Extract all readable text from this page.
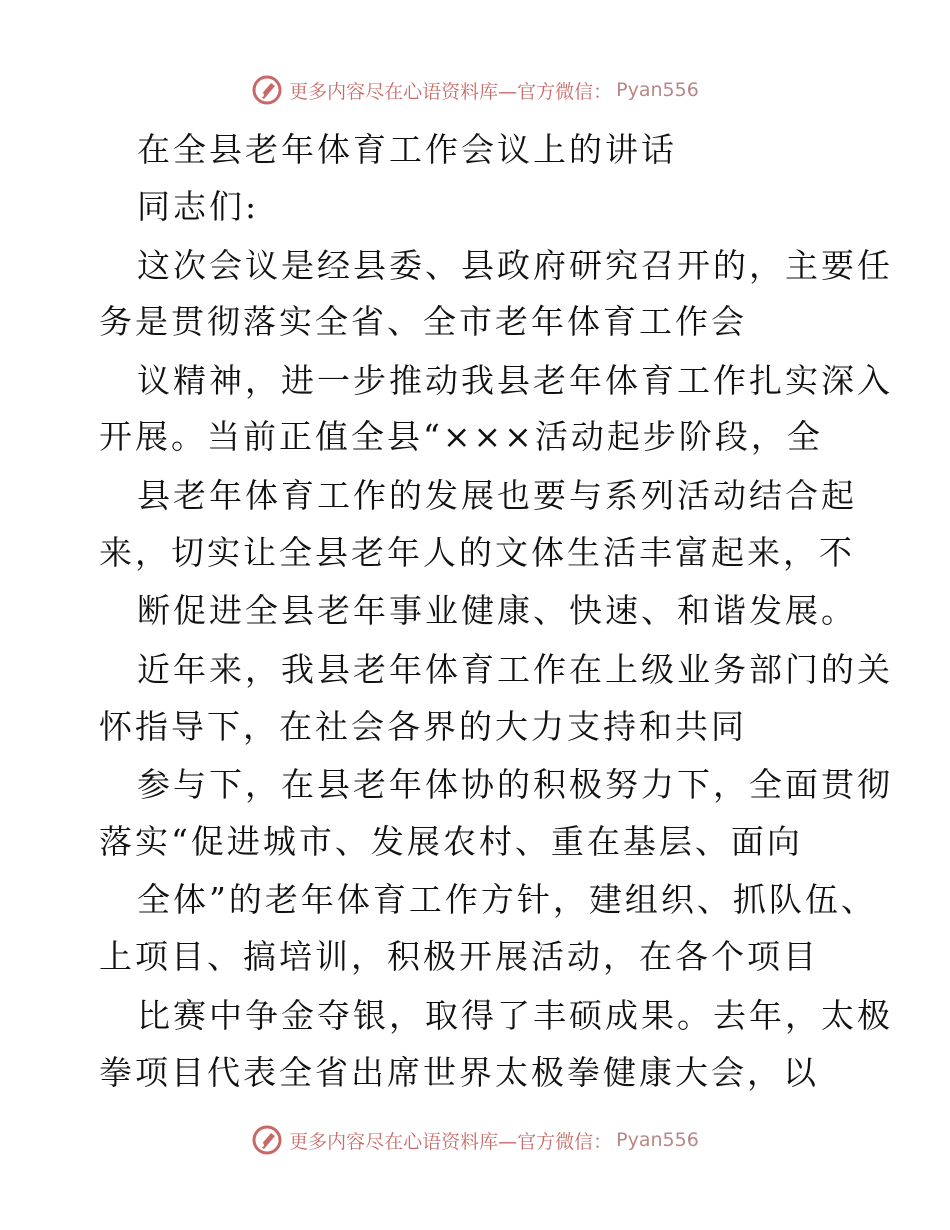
更多内容尽在心语资料库—官方微信： Pyan556
在全县老年体育工作会议上的讲话
同志们:
这次会议是经县委、县政府研究召开的，主要任
务是贯彻落实全省、全市老年体育工作会
议精神，进一步推动我县老年体育工作扎实深入
开展。当前正值全县“×××活动起步阶段，全
县老年体育工作的发展也要与系列活动结合起
来，切实让全县老年人的文体生活丰富起来，不
断促进全县老年事业健康、快速、和谐发展。
近年来，我县老年体育工作在上级业务部门的关
怀指导下，在社会各界的大力支持和共同
参与下，在县老年体协的积极努力下，全面贯彻
落实“促进城市、发展农村、重在基层、面向
全体”的老年体育工作方针，建组织、抓队伍、
上项目、搞培训，积极开展活动，在各个项目
比赛中争金夺银，取得了丰硕成果。去年，太极
拳项目代表全省出席世界太极拳健康大会，以
更多内容尽在心语资料库—官方微信： Pyan556
